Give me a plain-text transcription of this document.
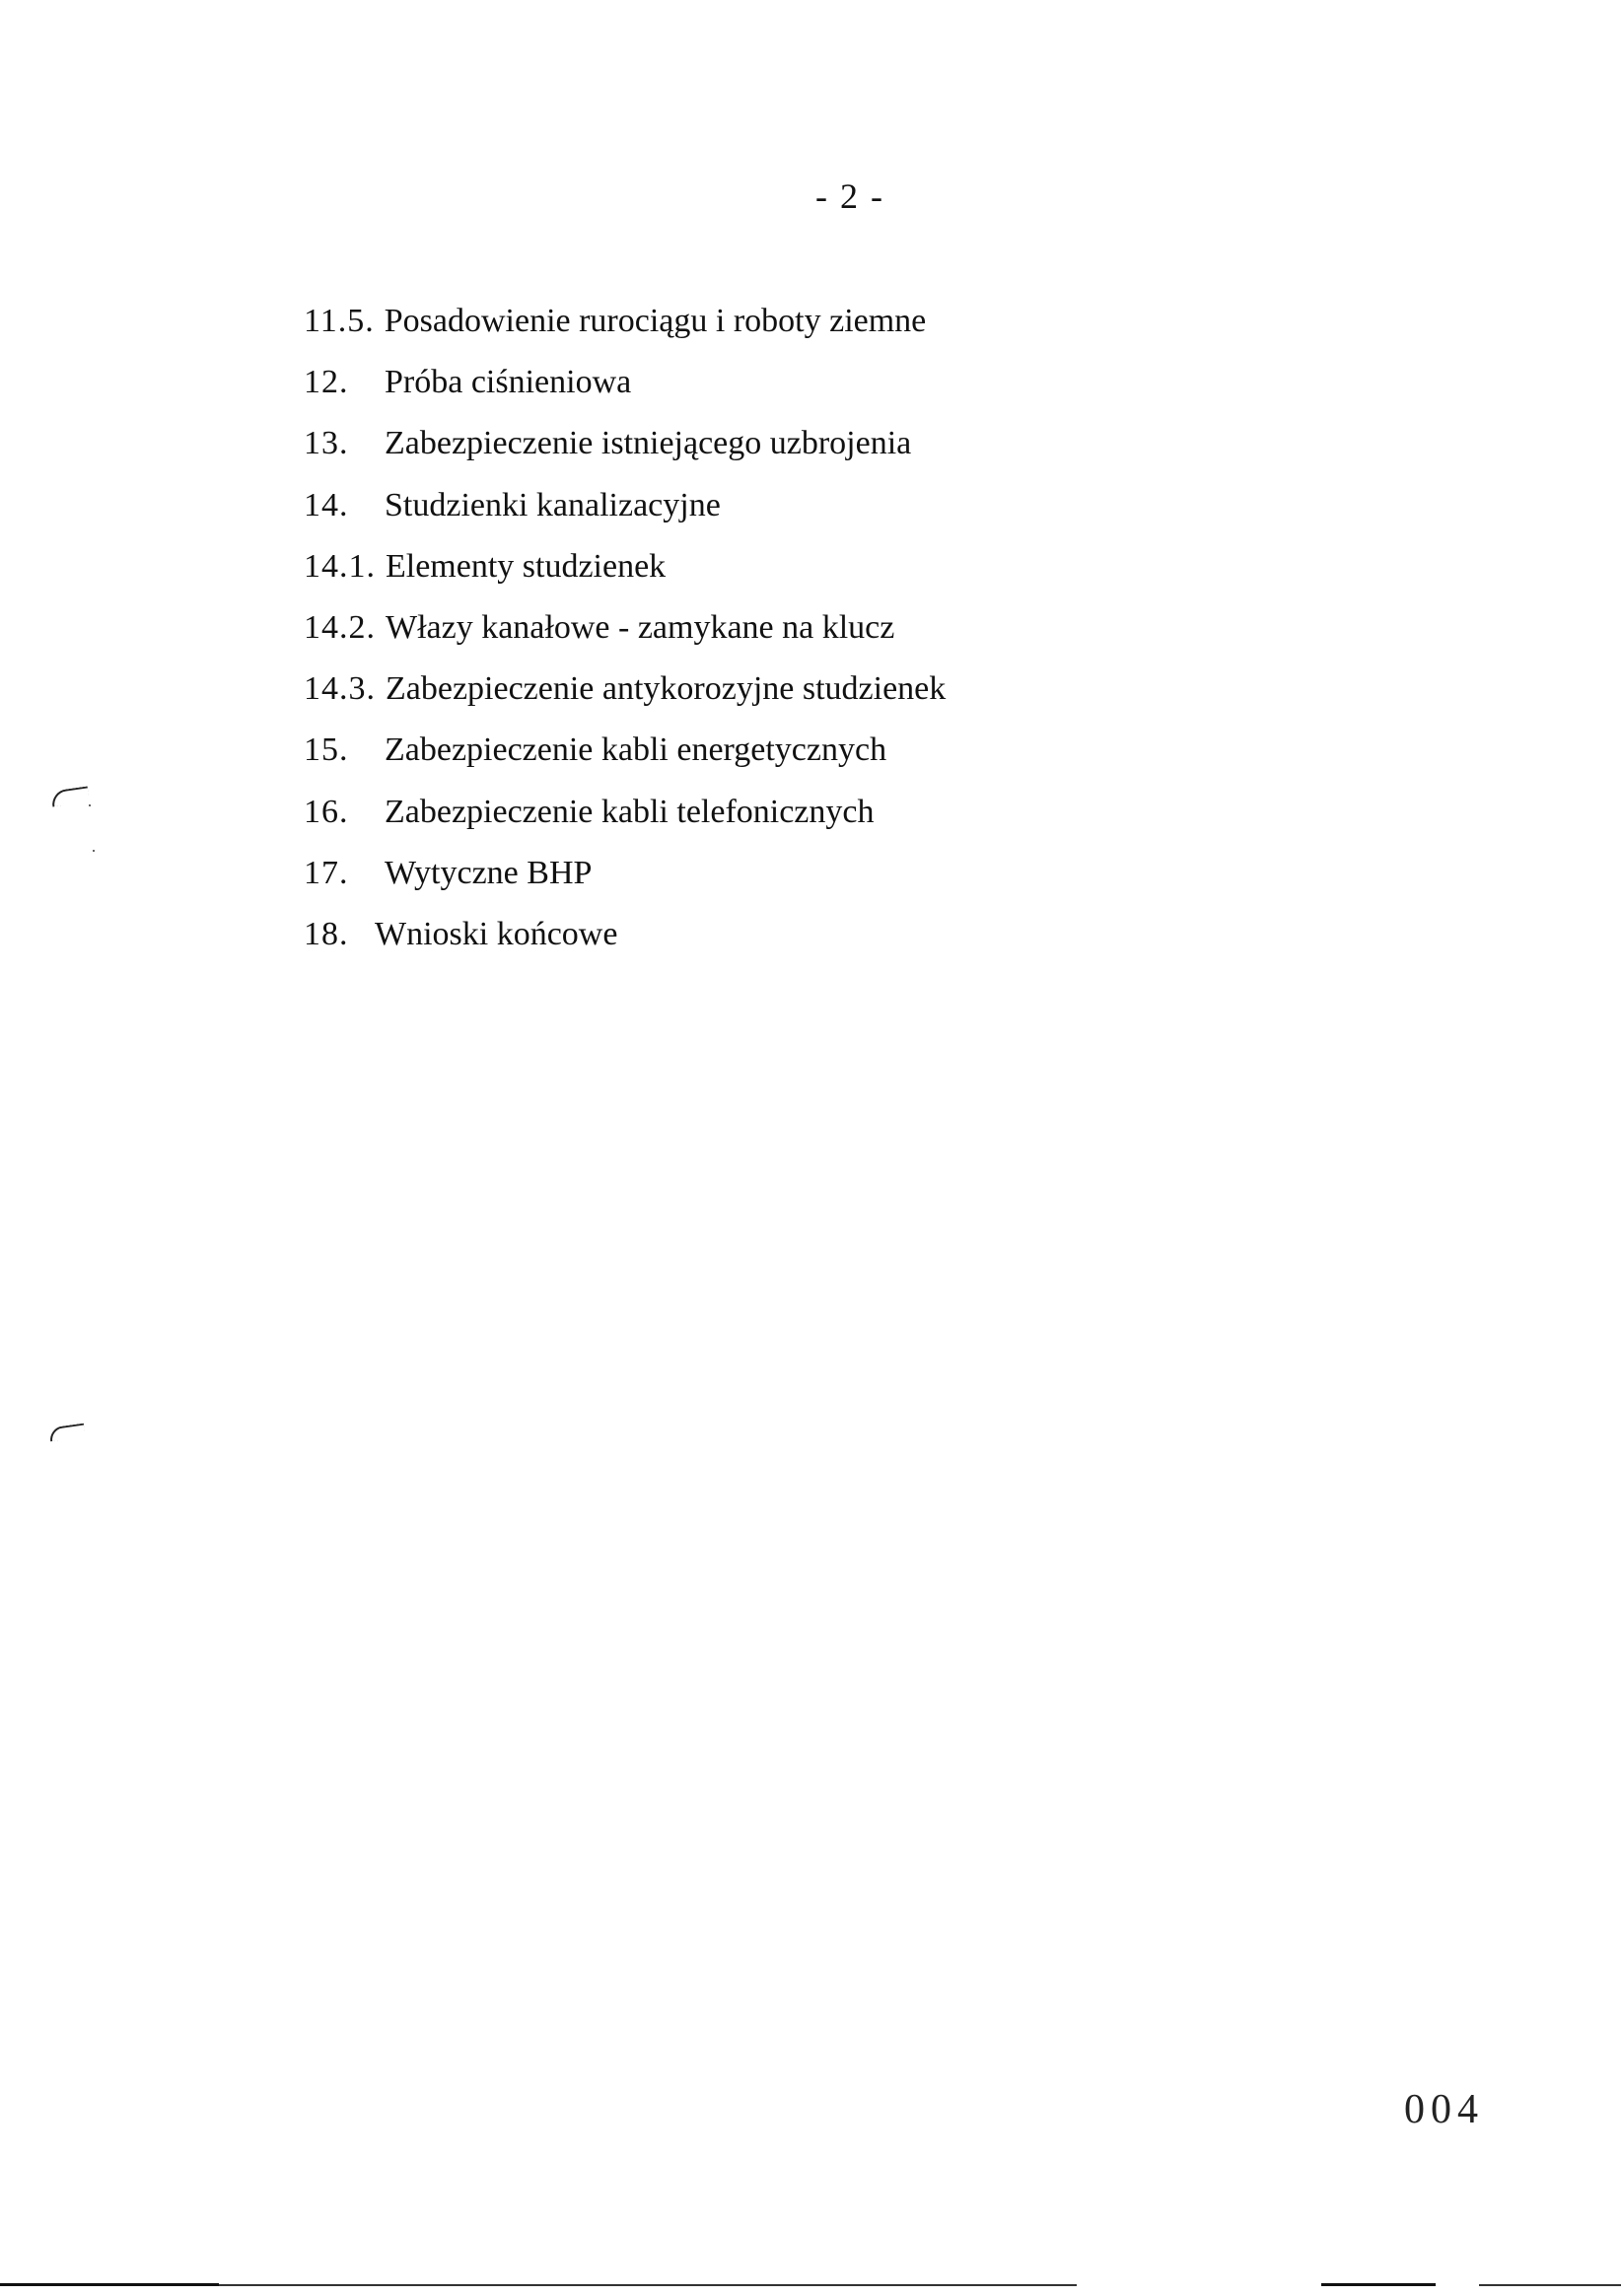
- 2 -
11.5. Posadowienie rurociągu i roboty ziemne
12. Próba ciśnieniowa
13. Zabezpieczenie istniejącego uzbrojenia
14. Studzienki kanalizacyjne
14.1. Elementy studzienek
14.2. Włazy kanałowe - zamykane na klucz
14.3. Zabezpieczenie antykorozyjne studzienek
15. Zabezpieczenie kabli energetycznych
16. Zabezpieczenie kabli telefonicznych
17. Wytyczne BHP
18. Wnioski końcowe
004
